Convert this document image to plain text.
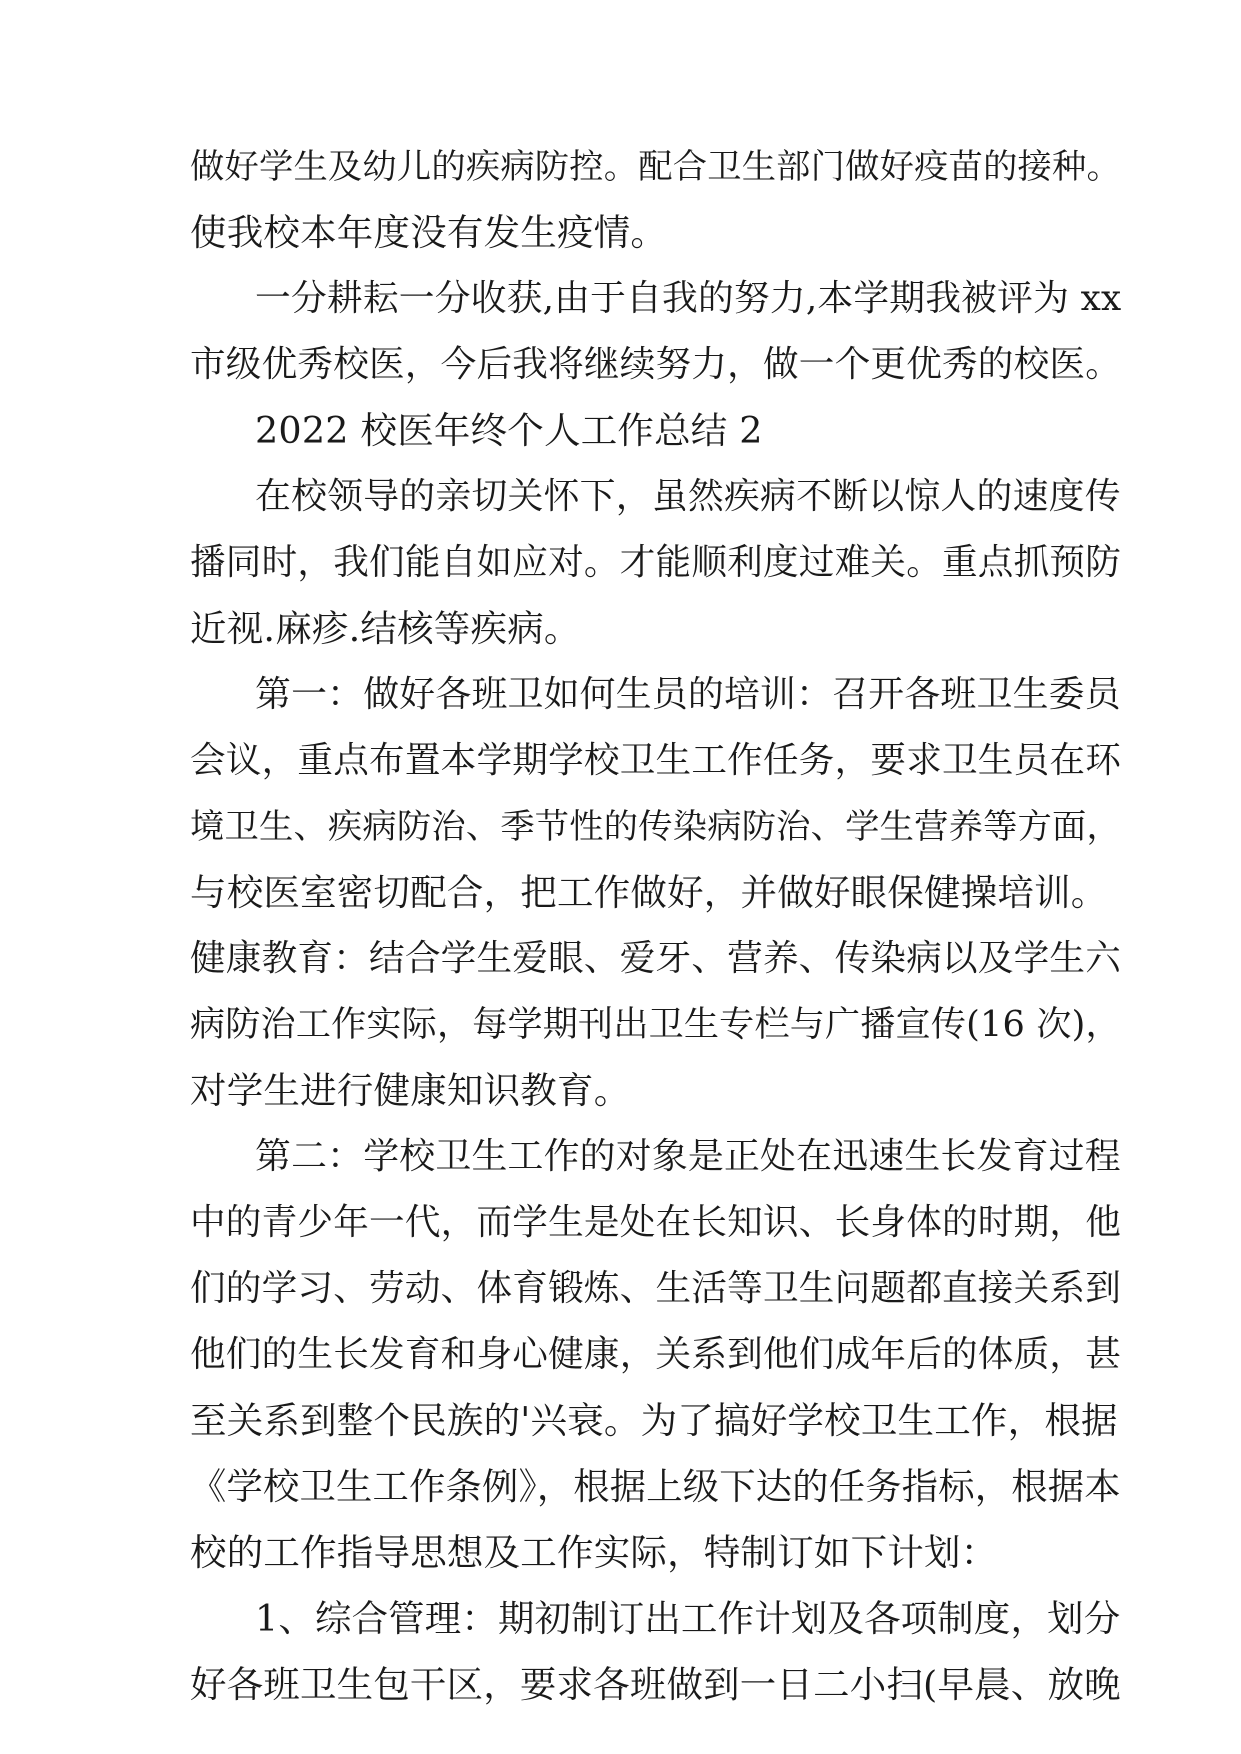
做好学生及幼儿的疾病防控。配合卫生部门做好疫苗的接种。
使我校本年度没有发生疫情。
一分耕耘一分收获,由于自我的努力,本学期我被评为 xx
市级优秀校医，今后我将继续努力，做一个更优秀的校医。
2022 校医年终个人工作总结 2
在校领导的亲切关怀下，虽然疾病不断以惊人的速度传
播同时，我们能自如应对。才能顺利度过难关。重点抓预防
近视.麻疹.结核等疾病。
第一：做好各班卫如何生员的培训：召开各班卫生委员
会议，重点布置本学期学校卫生工作任务，要求卫生员在环
境卫生、疾病防治、季节性的传染病防治、学生营养等方面，
与校医室密切配合，把工作做好，并做好眼保健操培训。
健康教育：结合学生爱眼、爱牙、营养、传染病以及学生六
病防治工作实际，每学期刊出卫生专栏与广播宣传(16 次)，
对学生进行健康知识教育。
第二：学校卫生工作的对象是正处在迅速生长发育过程
中的青少年一代，而学生是处在长知识、长身体的时期，他
们的学习、劳动、体育锻炼、生活等卫生问题都直接关系到
他们的生长发育和身心健康，关系到他们成年后的体质，甚
至关系到整个民族的'兴衰。为了搞好学校卫生工作，根据
《学校卫生工作条例》，根据上级下达的任务指标，根据本
校的工作指导思想及工作实际，特制订如下计划：
1、综合管理：期初制订出工作计划及各项制度，划分
好各班卫生包干区，要求各班做到一日二小扫(早晨、放晚
